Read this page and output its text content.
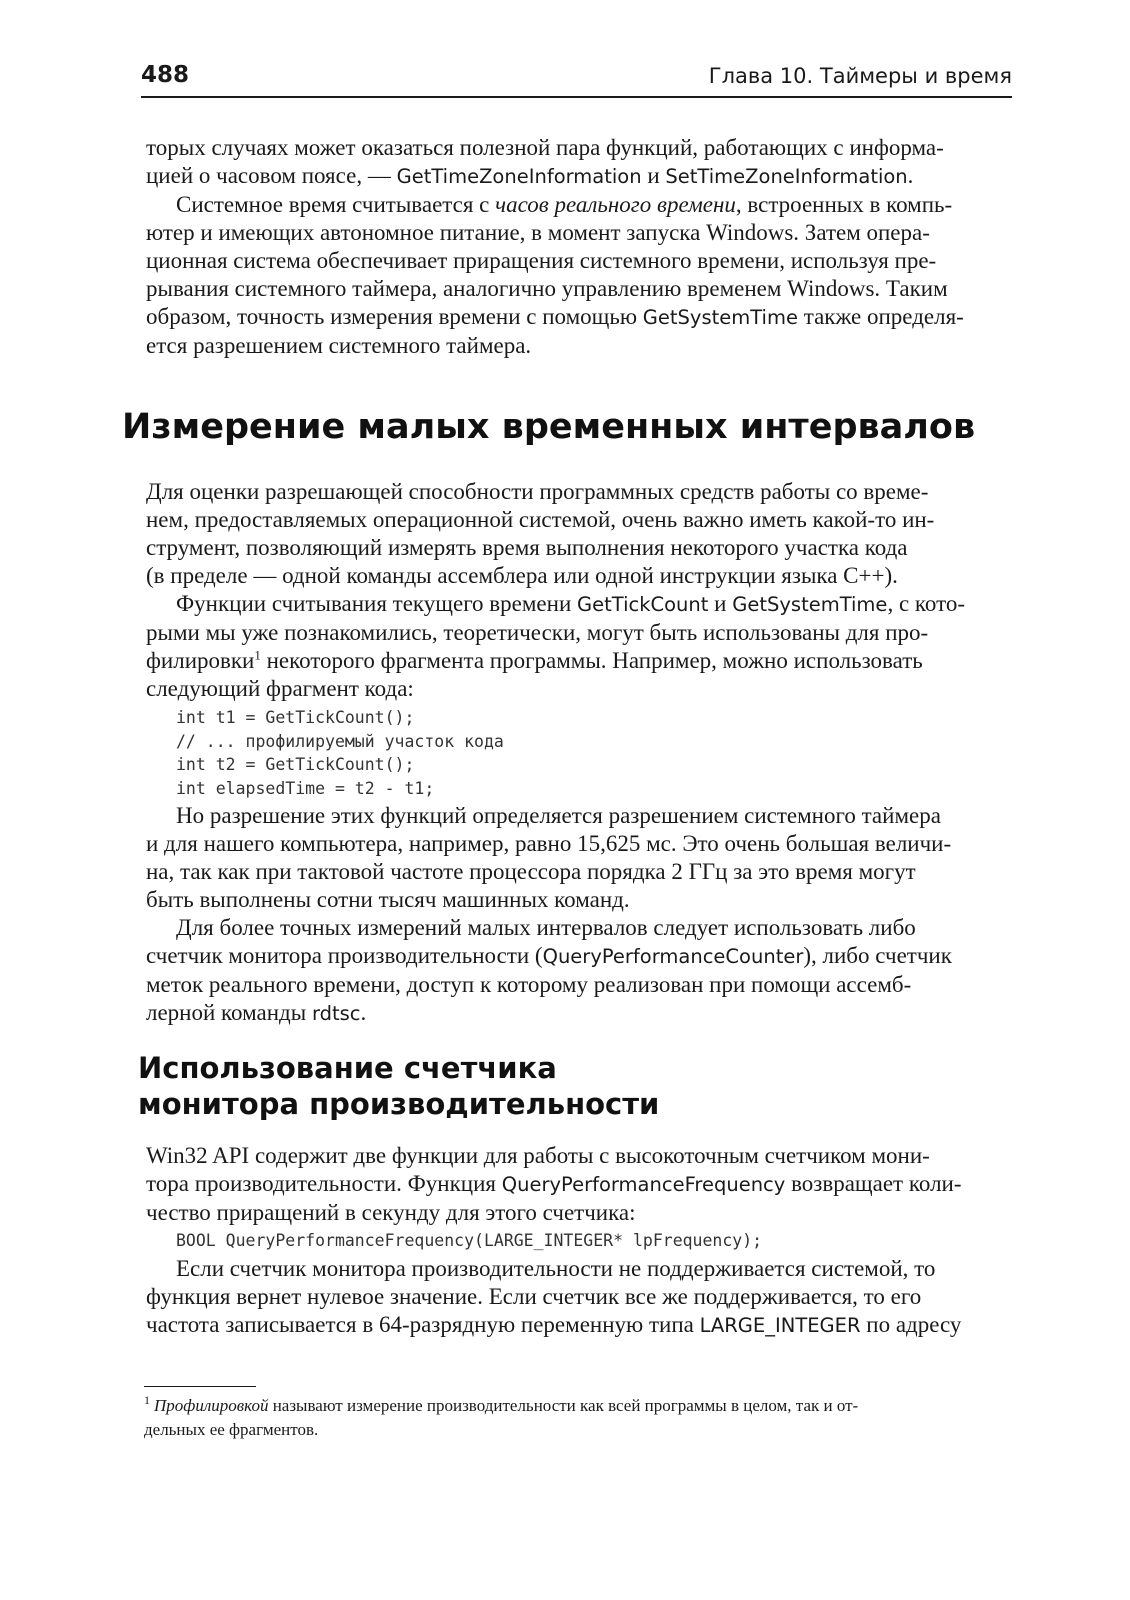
488	Глава 10. Таймеры и время

торых случаях может оказаться полезной пара функций, работающих с информа-
цией о часовом поясе, — GetTimeZoneInformation и SetTimeZoneInformation.

Системное время считывается с часов реального времени, встроенных в компь-
ютер и имеющих автономное питание, в момент запуска Windows. Затем опера-
ционная система обеспечивает приращения системного времени, используя пре-
рывания системного таймера, аналогично управлению временем Windows. Таким
образом, точность измерения времени с помощью GetSystemTime также определя-
ется разрешением системного таймера.

Измерение малых временных интервалов

Для оценки разрешающей способности программных средств работы со време-
нем, предоставляемых операционной системой, очень важно иметь какой-то ин-
струмент, позволяющий измерять время выполнения некоторого участка кода
(в пределе — одной команды ассемблера или одной инструкции языка C++).

Функции считывания текущего времени GetTickCount и GetSystemTime, с кото-
рыми мы уже познакомились, теоретически, могут быть использованы для про-
филировки$^1$ некоторого фрагмента программы. Например, можно использовать
следующий фрагмент кода:

int t1 = GetTickCount();
// ... профилируемый участок кода
int t2 = GetTickCount();
int elapsedTime = t2 - t1;

Но разрешение этих функций определяется разрешением системного таймера
и для нашего компьютера, например, равно 15,625 мс. Это очень большая величи-
на, так как при тактовой частоте процессора порядка 2 ГГц за это время могут
быть выполнены сотни тысяч машинных команд.

Для более точных измерений малых интервалов следует использовать либо
счетчик монитора производительности (QueryPerformanceCounter), либо счетчик
меток реального времени, доступ к которому реализован при помощи ассемб-
лерной команды rdtsc.

Использование счетчика
монитора производительности

Win32 API содержит две функции для работы с высокоточным счетчиком мони-
тора производительности. Функция QueryPerformanceFrequency возвращает коли-
чество приращений в секунду для этого счетчика:

BOOL QueryPerformanceFrequency(LARGE_INTEGER* lpFrequency);

Если счетчик монитора производительности не поддерживается системой, то
функция вернет нулевое значение. Если счетчик все же поддерживается, то его
частота записывается в 64-разрядную переменную типа LARGE_INTEGER по адресу

$^1$ Профилировкой называют измерение производительности как всей программы в целом, так и от-
дельных ее фрагментов.
